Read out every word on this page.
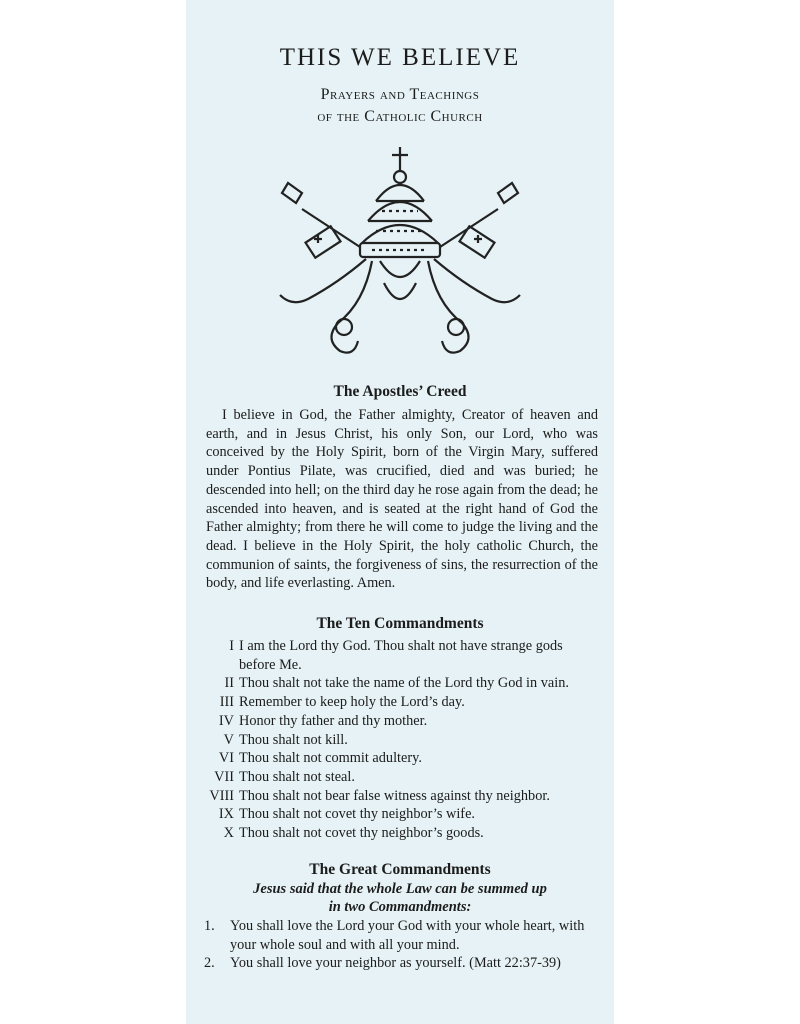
THIS WE BELIEVE
Prayers and Teachings
of the Catholic Church
The Apostles’ Creed

I believe in God, the Father almighty, Creator of heaven and earth, and in Jesus Christ, his only Son, our Lord, who was conceived by the Holy Spirit, born of the Virgin Mary, suffered under Pontius Pilate, was crucified, died and was buried; he descended into hell; on the third day he rose again from the dead; he ascended into heaven, and is seated at the right hand of God the Father almighty; from there he will come to judge the living and the dead. I believe in the Holy Spirit, the holy catholic Church, the communion of saints, the forgiveness of sins, the resurrection of the body, and life everlasting. Amen.

The Ten Commandments
I I am the Lord thy God. Thou shalt not have strange gods before Me.
II Thou shalt not take the name of the Lord thy God in vain.
III Remember to keep holy the Lord’s day.
IV Honor thy father and thy mother.
V Thou shalt not kill.
VI Thou shalt not commit adultery.
VII Thou shalt not steal.
VIII Thou shalt not bear false witness against thy neighbor.
IX Thou shalt not covet thy neighbor’s wife.
X Thou shalt not covet thy neighbor’s goods.
The Great Commandments
Jesus said that the whole Law can be summed up
in two Commandments:
1.	You shall love the Lord your God with your whole heart, with your whole soul and with all your mind.
2.	You shall love your neighbor as yourself. (Matt 22:37-39)
